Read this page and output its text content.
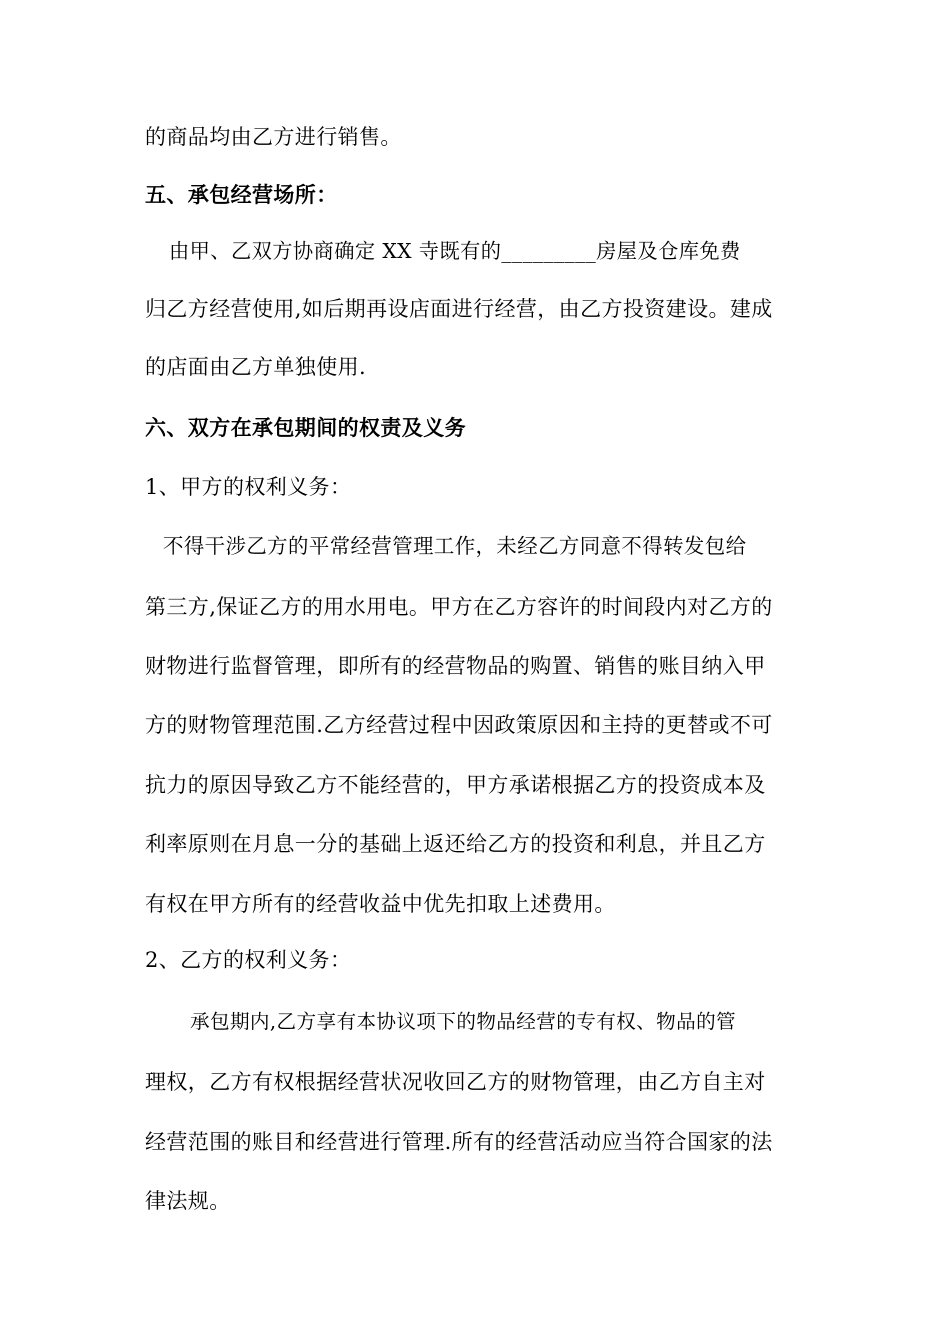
的商品均由乙方进行销售。
五、承包经营场所：
由甲、乙双方协商确定 XX 寺既有的_________房屋及仓库免费
归乙方经营使用,如后期再设店面进行经营，由乙方投资建设。建成
的店面由乙方单独使用.
六、双方在承包期间的权责及义务
1、甲方的权利义务：
不得干涉乙方的平常经营管理工作，未经乙方同意不得转发包给
第三方,保证乙方的用水用电。甲方在乙方容许的时间段内对乙方的
财物进行监督管理，即所有的经营物品的购置、销售的账目纳入甲
方的财物管理范围.乙方经营过程中因政策原因和主持的更替或不可
抗力的原因导致乙方不能经营的，甲方承诺根据乙方的投资成本及
利率原则在月息一分的基础上返还给乙方的投资和利息，并且乙方
有权在甲方所有的经营收益中优先扣取上述费用。
2、乙方的权利义务：
承包期内,乙方享有本协议项下的物品经营的专有权、物品的管
理权，乙方有权根据经营状况收回乙方的财物管理，由乙方自主对
经营范围的账目和经营进行管理.所有的经营活动应当符合国家的法
律法规。
